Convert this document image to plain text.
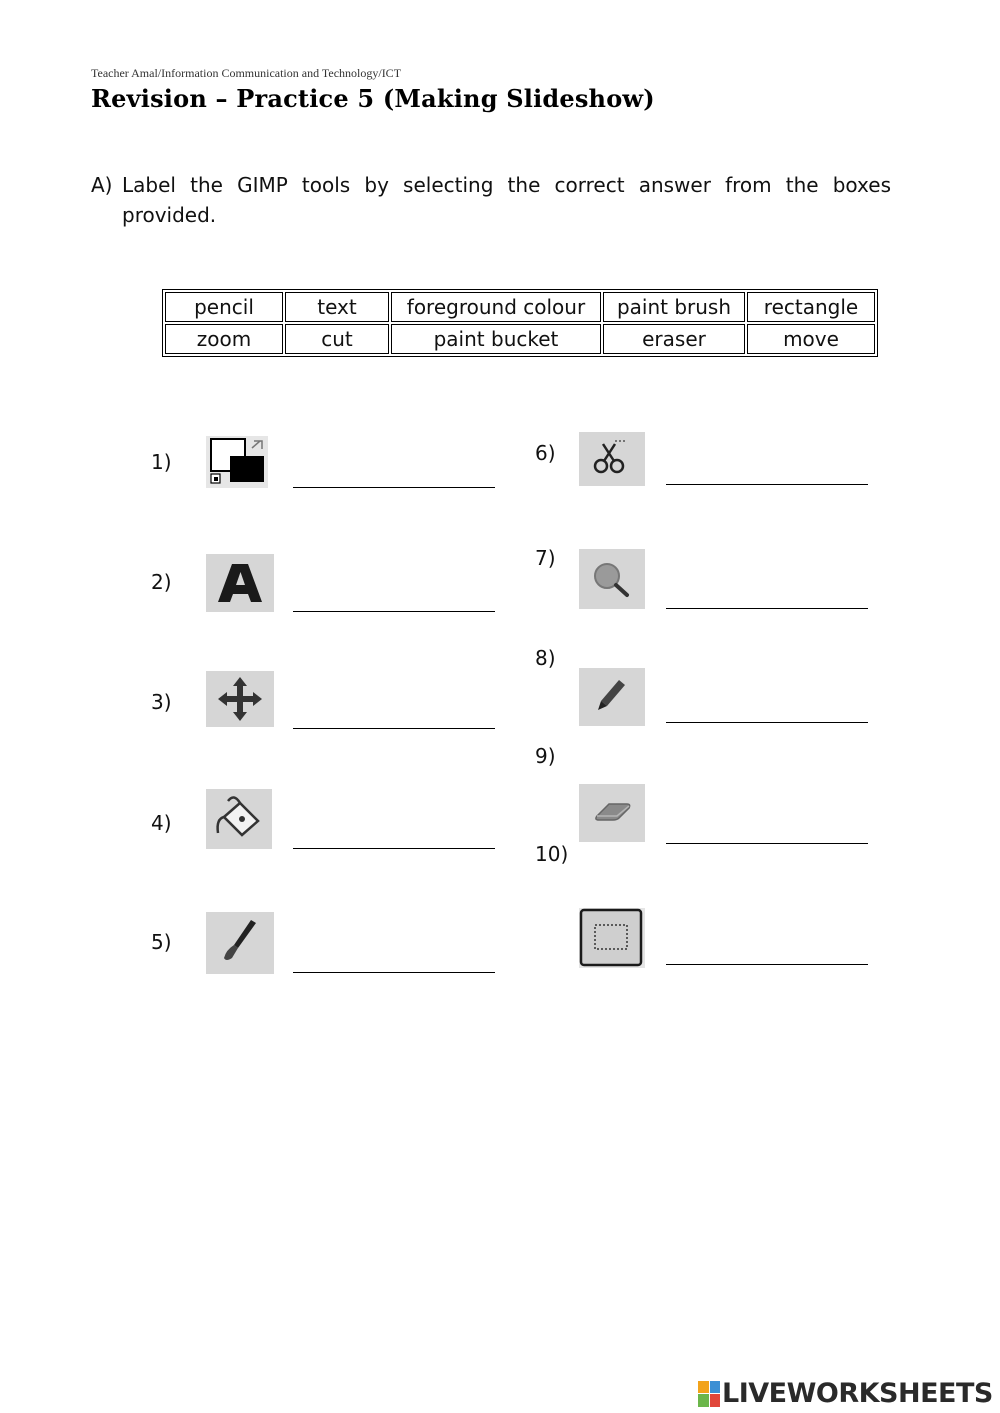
Teacher Amal/Information Communication and Technology/ICT
Revision – Practice 5 (Making Slideshow)
A) Label the GIMP tools by selecting the correct answer from the boxes provided.
pencil	text	foreground colour	paint brush	rectangle
zoom	cut	paint bucket	eraser	move
1)
2)
3)
4)
5)
6)
7)
8)
9)
10)
LIVEWORKSHEETS
